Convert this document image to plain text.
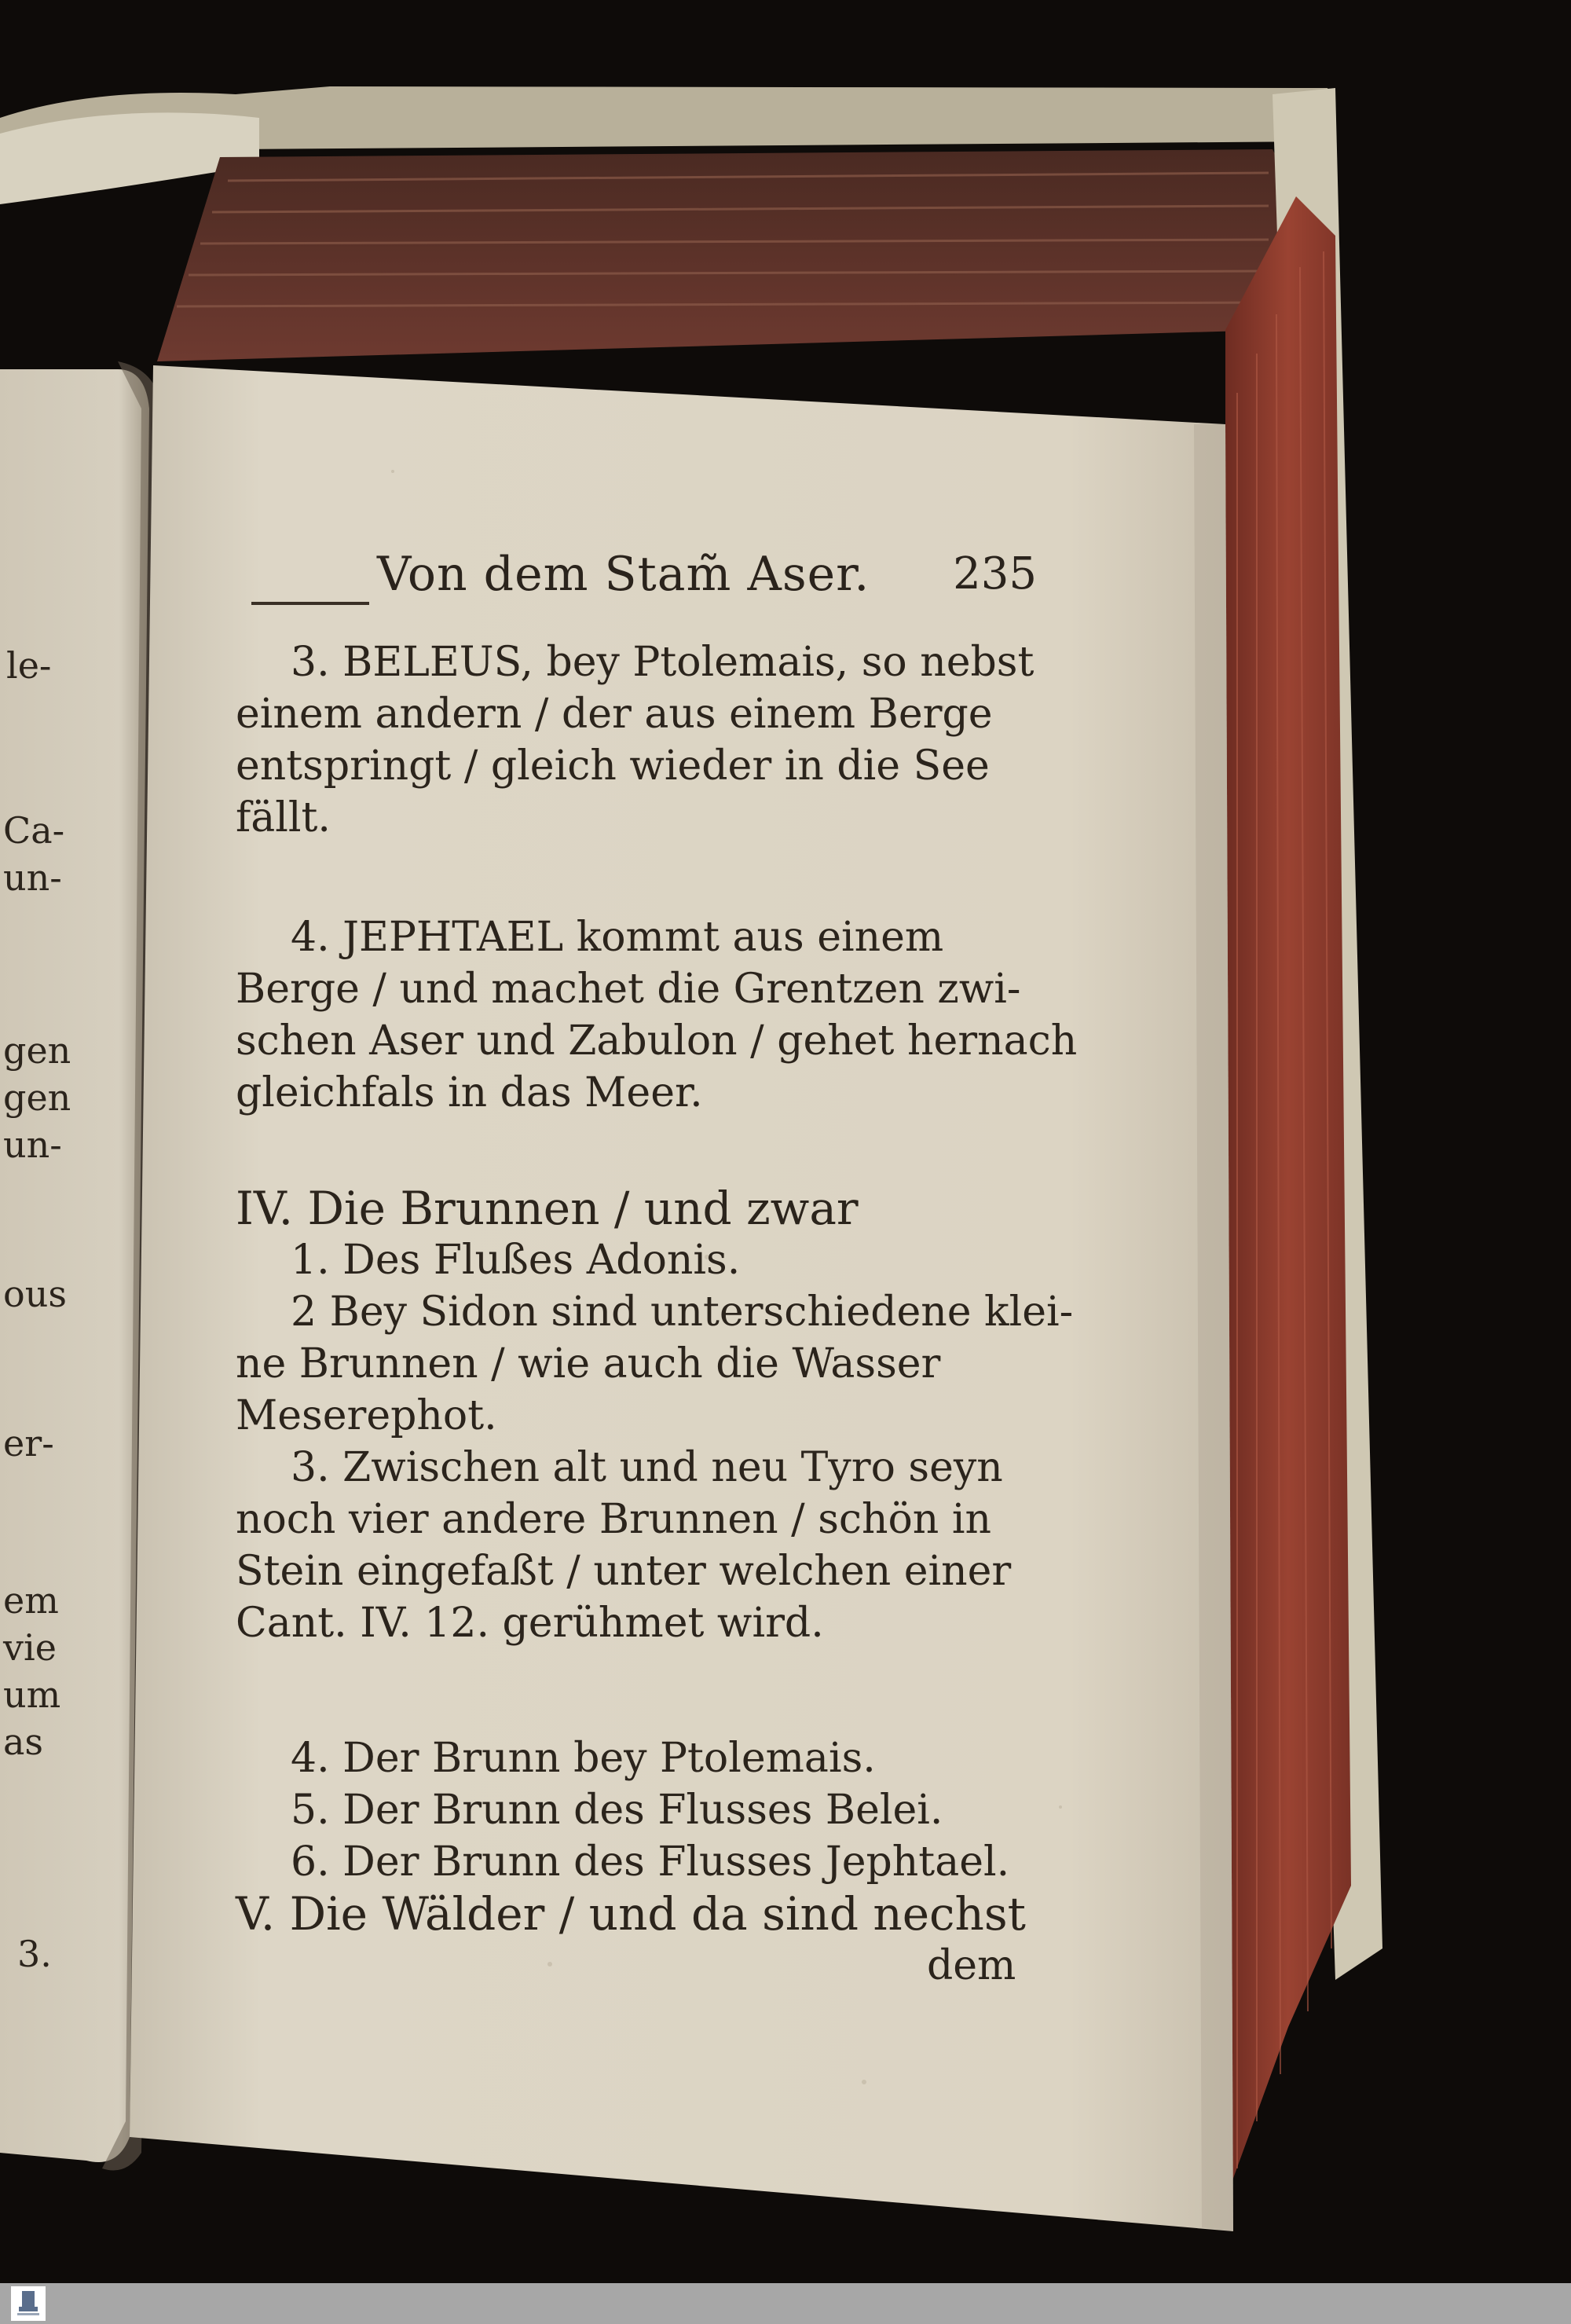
le-
Ca-
un-
gen
gen
un-
ous
er-
em
vie
um
as
3.
Von dem Stam̃ Aser. 235
3. BELEUS, bey Ptolemais, so nebst
einem andern / der aus einem Berge
entspringt / gleich wieder in die See
fällt.
4. JEPHTAEL kommt aus einem
Berge / und machet die Grentzen zwi-
schen Aser und Zabulon / gehet hernach
gleichfals in das Meer.
IV. Die Brunnen / und zwar
1. Des Flußes Adonis.
2 Bey Sidon sind unterschiedene klei-
ne Brunnen / wie auch die Wasser
Meserephot.
3. Zwischen alt und neu Tyro seyn
noch vier andere Brunnen / schön in
Stein eingefaßt / unter welchen einer
Cant. IV. 12. gerühmet wird.
4. Der Brunn bey Ptolemais.
5. Der Brunn des Flusses Belei.
6. Der Brunn des Flusses Jephtael.
V. Die Wälder / und da sind nechst
dem
